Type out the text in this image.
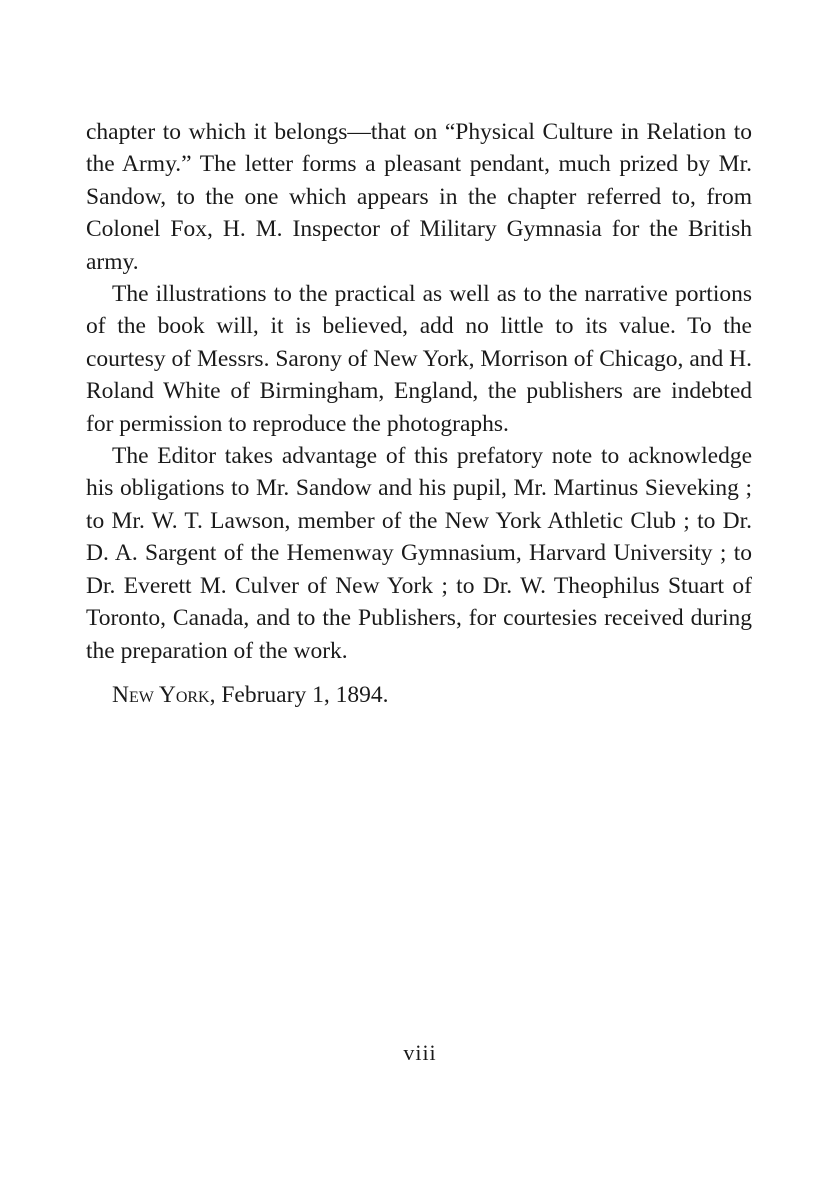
chapter to which it belongs—that on “Physical Culture in Relation to the Army.” The letter forms a pleasant pendant, much prized by Mr. Sandow, to the one which appears in the chapter referred to, from Colonel Fox, H. M. Inspector of Military Gymnasia for the British army.

The illustrations to the practical as well as to the narrative portions of the book will, it is believed, add no little to its value. To the courtesy of Messrs. Sarony of New York, Morrison of Chicago, and H. Roland White of Birmingham, England, the publishers are indebted for permission to reproduce the photographs.

The Editor takes advantage of this prefatory note to acknowledge his obligations to Mr. Sandow and his pupil, Mr. Martinus Sieveking ; to Mr. W. T. Lawson, member of the New York Athletic Club ; to Dr. D. A. Sargent of the Hemenway Gymnasium, Harvard University ; to Dr. Everett M. Culver of New York ; to Dr. W. Theophilus Stuart of Toronto, Canada, and to the Publishers, for courtesies received during the preparation of the work.

New York, February 1, 1894.

viii
